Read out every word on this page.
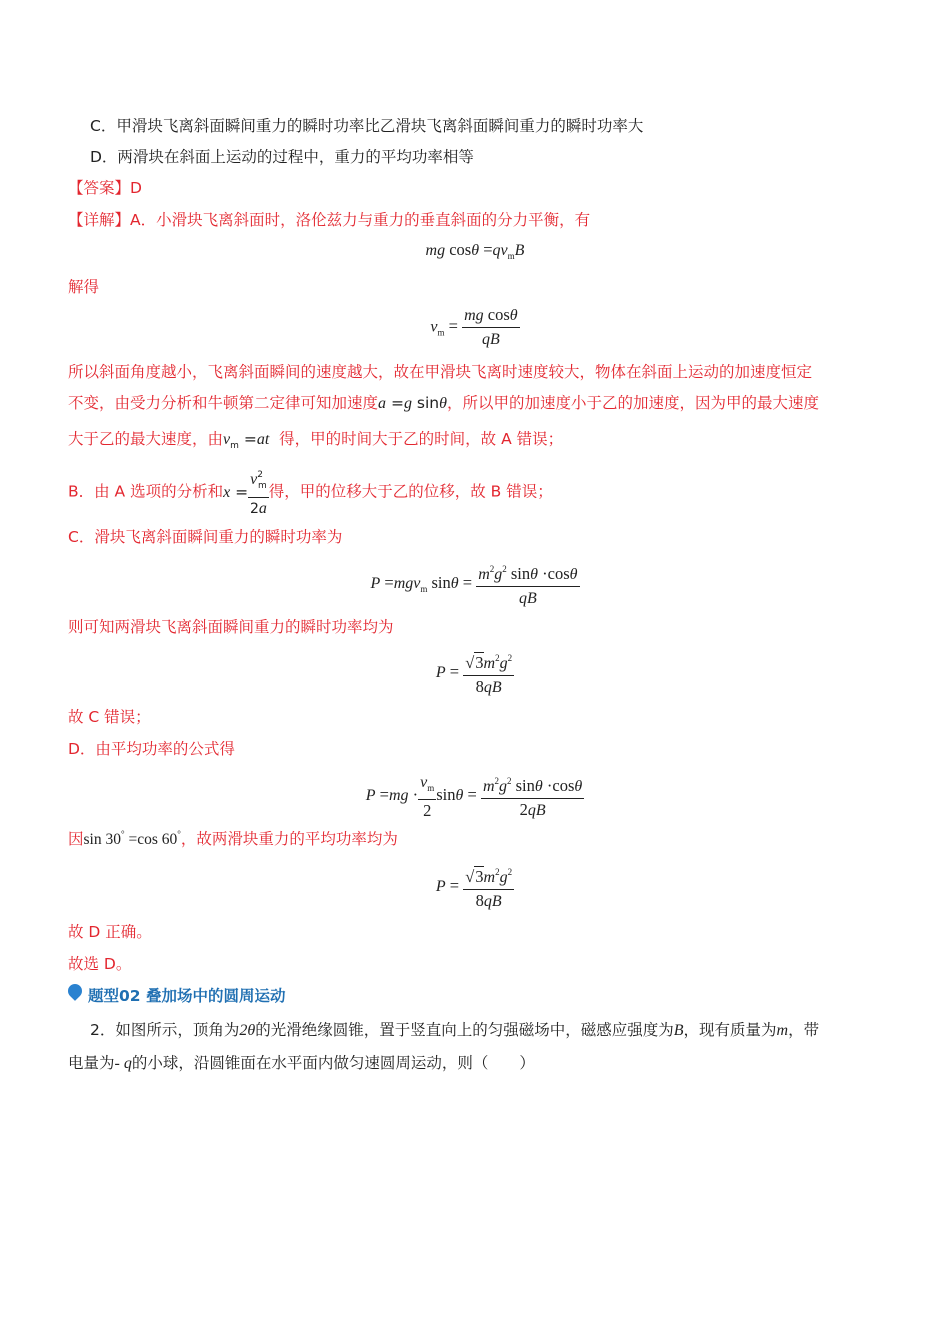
C．甲滑块飞离斜面瞬间重力的瞬时功率比乙滑块飞离斜面瞬间重力的瞬时功率大
D．两滑块在斜面上运动的过程中，重力的平均功率相等
【答案】D
【详解】A．小滑块飞离斜面时，洛伦兹力与重力的垂直斜面的分力平衡，有
mg $\cos\theta =qv_mB$
解得
$v_m = \frac{\text{mg cosθ}}{qB}$
所以斜面角度越小，飞离斜面瞬间的速度越大，故在甲滑块飞离时速度较大，物体在斜面上运动的加速度恒定
不变，由受力分析和牛顿第二定律可知加速度a =g sinθ，所以甲的加速度小于乙的加速度，因为甲的最大速度
大于乙的最大速度，由$v_m =at$ 得，甲的时间大于乙的时间，故 A 错误；
B．由 A 选项的分析和$x = \frac{v^2_m}{2a}$ 得，甲的位移大于乙的位移，故 B 错误；
C．滑块飞离斜面瞬间重力的瞬时功率为
P =mgv$_m$ $\sin\theta = \frac{m^2g^2 \sin\theta \cdot\cos\theta}{qB}$
则可知两滑块飞离斜面瞬间重力的瞬时功率均为
$P = \frac{√3m^2g^2}{8qB}$
故 C 错误；
D．由平均功率的公式得
$P =mg \cdot \frac{v_m}{2}$ $\sin\theta = \frac{m^2g^2 \sin\theta \cdot\cos\theta}{2qB}$
因sin 30° =cos 60°，故两滑块重力的平均功率均为
$P = \frac{√3m^2g^2}{8qB}$
故 D 正确。
故选 D。
题型02 叠加场中的圆周运动
2．如图所示，顶角为2θ的光滑绝缘圆锥，置于竖直向上的匀强磁场中，磁感应强度为B，现有质量为m，带
电量为- q的小球，沿圆锥面在水平面内做匀速圆周运动，则（　　）
